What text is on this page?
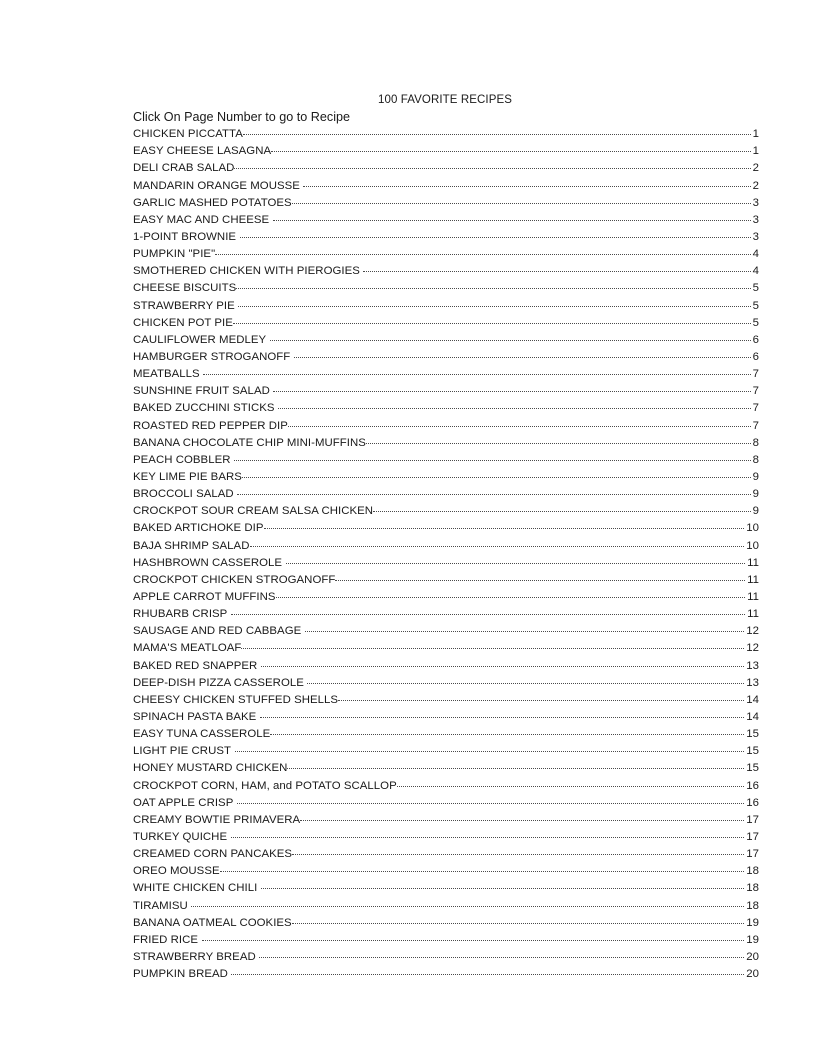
100 FAVORITE RECIPES
Click On Page Number to go to Recipe
CHICKEN PICCATTA	1
EASY CHEESE LASAGNA	1
DELI CRAB SALAD	2
MANDARIN ORANGE MOUSSE	2
GARLIC MASHED POTATOES	3
EASY MAC AND CHEESE	3
1-POINT BROWNIE	3
PUMPKIN "PIE"	4
SMOTHERED CHICKEN WITH PIEROGIES	4
CHEESE BISCUITS	5
STRAWBERRY PIE	5
CHICKEN POT PIE	5
CAULIFLOWER MEDLEY	6
HAMBURGER STROGANOFF	6
MEATBALLS	7
SUNSHINE FRUIT SALAD	7
BAKED ZUCCHINI STICKS	7
ROASTED RED PEPPER DIP	7
BANANA CHOCOLATE CHIP MINI-MUFFINS	8
PEACH COBBLER	8
KEY LIME PIE BARS	9
BROCCOLI SALAD	9
CROCKPOT SOUR CREAM SALSA CHICKEN	9
BAKED ARTICHOKE DIP	10
BAJA SHRIMP SALAD	10
HASHBROWN CASSEROLE	11
CROCKPOT CHICKEN STROGANOFF	11
APPLE CARROT MUFFINS	11
RHUBARB CRISP	11
SAUSAGE AND RED CABBAGE	12
MAMA'S MEATLOAF	12
BAKED RED SNAPPER	13
DEEP-DISH PIZZA CASSEROLE	13
CHEESY CHICKEN STUFFED SHELLS	14
SPINACH PASTA BAKE	14
EASY TUNA CASSEROLE	15
LIGHT PIE CRUST	15
HONEY MUSTARD CHICKEN	15
CROCKPOT CORN, HAM, and POTATO SCALLOP	16
OAT APPLE CRISP	16
CREAMY BOWTIE PRIMAVERA	17
TURKEY QUICHE	17
CREAMED CORN PANCAKES	17
OREO MOUSSE	18
WHITE CHICKEN CHILI	18
TIRAMISU	18
BANANA OATMEAL COOKIES	19
FRIED RICE	19
STRAWBERRY BREAD	20
PUMPKIN BREAD	20
